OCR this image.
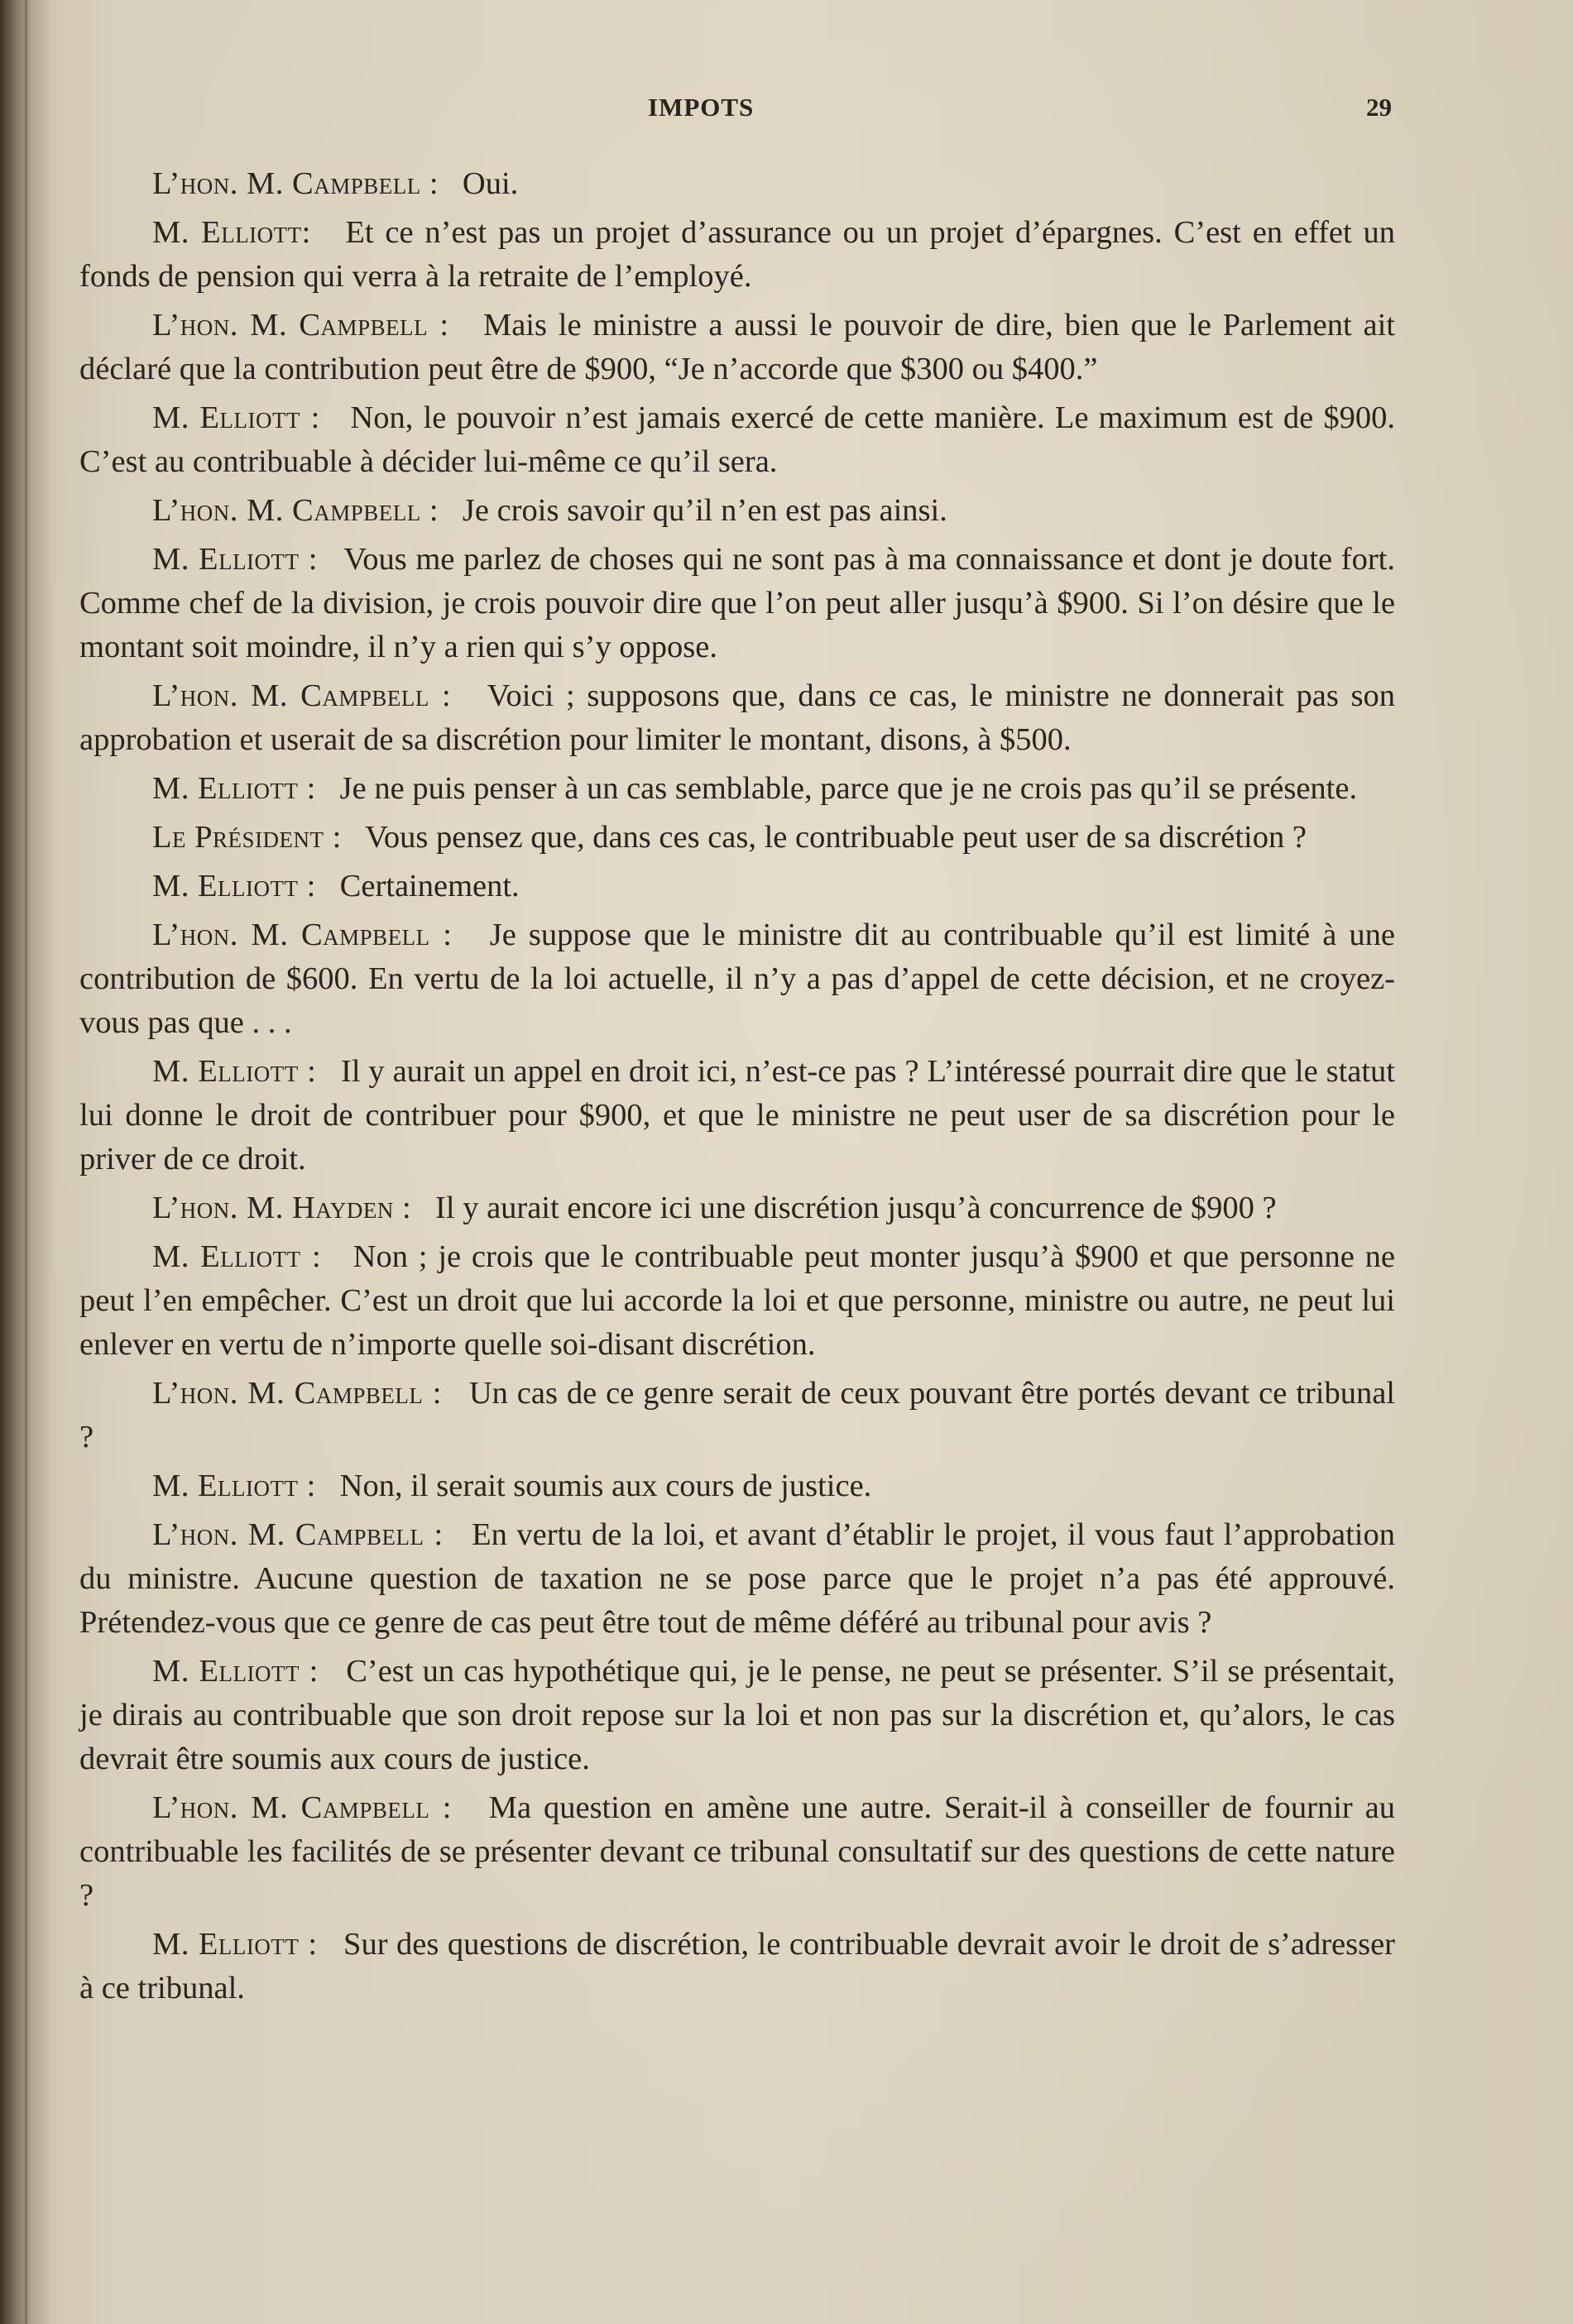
IMPOTS	29

L’hon. M. Campbell : Oui.

M. Elliott: Et ce n’est pas un projet d’assurance ou un projet d’épargnes. C’est en effet un fonds de pension qui verra à la retraite de l’employé.

L’hon. M. Campbell : Mais le ministre a aussi le pouvoir de dire, bien que le Parlement ait déclaré que la contribution peut être de $900, “Je n’accorde que $300 ou $400.”

M. Elliott : Non, le pouvoir n’est jamais exercé de cette manière. Le maximum est de $900. C’est au contribuable à décider lui-même ce qu’il sera.

L’hon. M. Campbell : Je crois savoir qu’il n’en est pas ainsi.

M. Elliott : Vous me parlez de choses qui ne sont pas à ma connaissance et dont je doute fort. Comme chef de la division, je crois pouvoir dire que l’on peut aller jusqu’à $900. Si l’on désire que le montant soit moindre, il n’y a rien qui s’y oppose.

L’hon. M. Campbell : Voici ; supposons que, dans ce cas, le ministre ne donnerait pas son approbation et userait de sa discrétion pour limiter le montant, disons, à $500.

M. Elliott : Je ne puis penser à un cas semblable, parce que je ne crois pas qu’il se présente.

Le Président : Vous pensez que, dans ces cas, le contribuable peut user de sa discrétion ?

M. Elliott : Certainement.

L’hon. M. Campbell : Je suppose que le ministre dit au contribuable qu’il est limité à une contribution de $600. En vertu de la loi actuelle, il n’y a pas d’appel de cette décision, et ne croyez-vous pas que . . .

M. Elliott : Il y aurait un appel en droit ici, n’est-ce pas ? L’intéressé pourrait dire que le statut lui donne le droit de contribuer pour $900, et que le ministre ne peut user de sa discrétion pour le priver de ce droit.

L’hon. M. Hayden : Il y aurait encore ici une discrétion jusqu’à concurrence de $900 ?

M. Elliott : Non ; je crois que le contribuable peut monter jusqu’à $900 et que personne ne peut l’en empêcher. C’est un droit que lui accorde la loi et que personne, ministre ou autre, ne peut lui enlever en vertu de n’importe quelle soi-disant discrétion.

L’hon. M. Campbell : Un cas de ce genre serait de ceux pouvant être portés devant ce tribunal ?

M. Elliott : Non, il serait soumis aux cours de justice.

L’hon. M. Campbell : En vertu de la loi, et avant d’établir le projet, il vous faut l’approbation du ministre. Aucune question de taxation ne se pose parce que le projet n’a pas été approuvé. Prétendez-vous que ce genre de cas peut être tout de même déféré au tribunal pour avis ?

M. Elliott : C’est un cas hypothétique qui, je le pense, ne peut se présenter. S’il se présentait, je dirais au contribuable que son droit repose sur la loi et non pas sur la discrétion et, qu’alors, le cas devrait être soumis aux cours de justice.

L’hon. M. Campbell : Ma question en amène une autre. Serait-il à conseiller de fournir au contribuable les facilités de se présenter devant ce tribunal consultatif sur des questions de cette nature ?

M. Elliott : Sur des questions de discrétion, le contribuable devrait avoir le droit de s’adresser à ce tribunal.
